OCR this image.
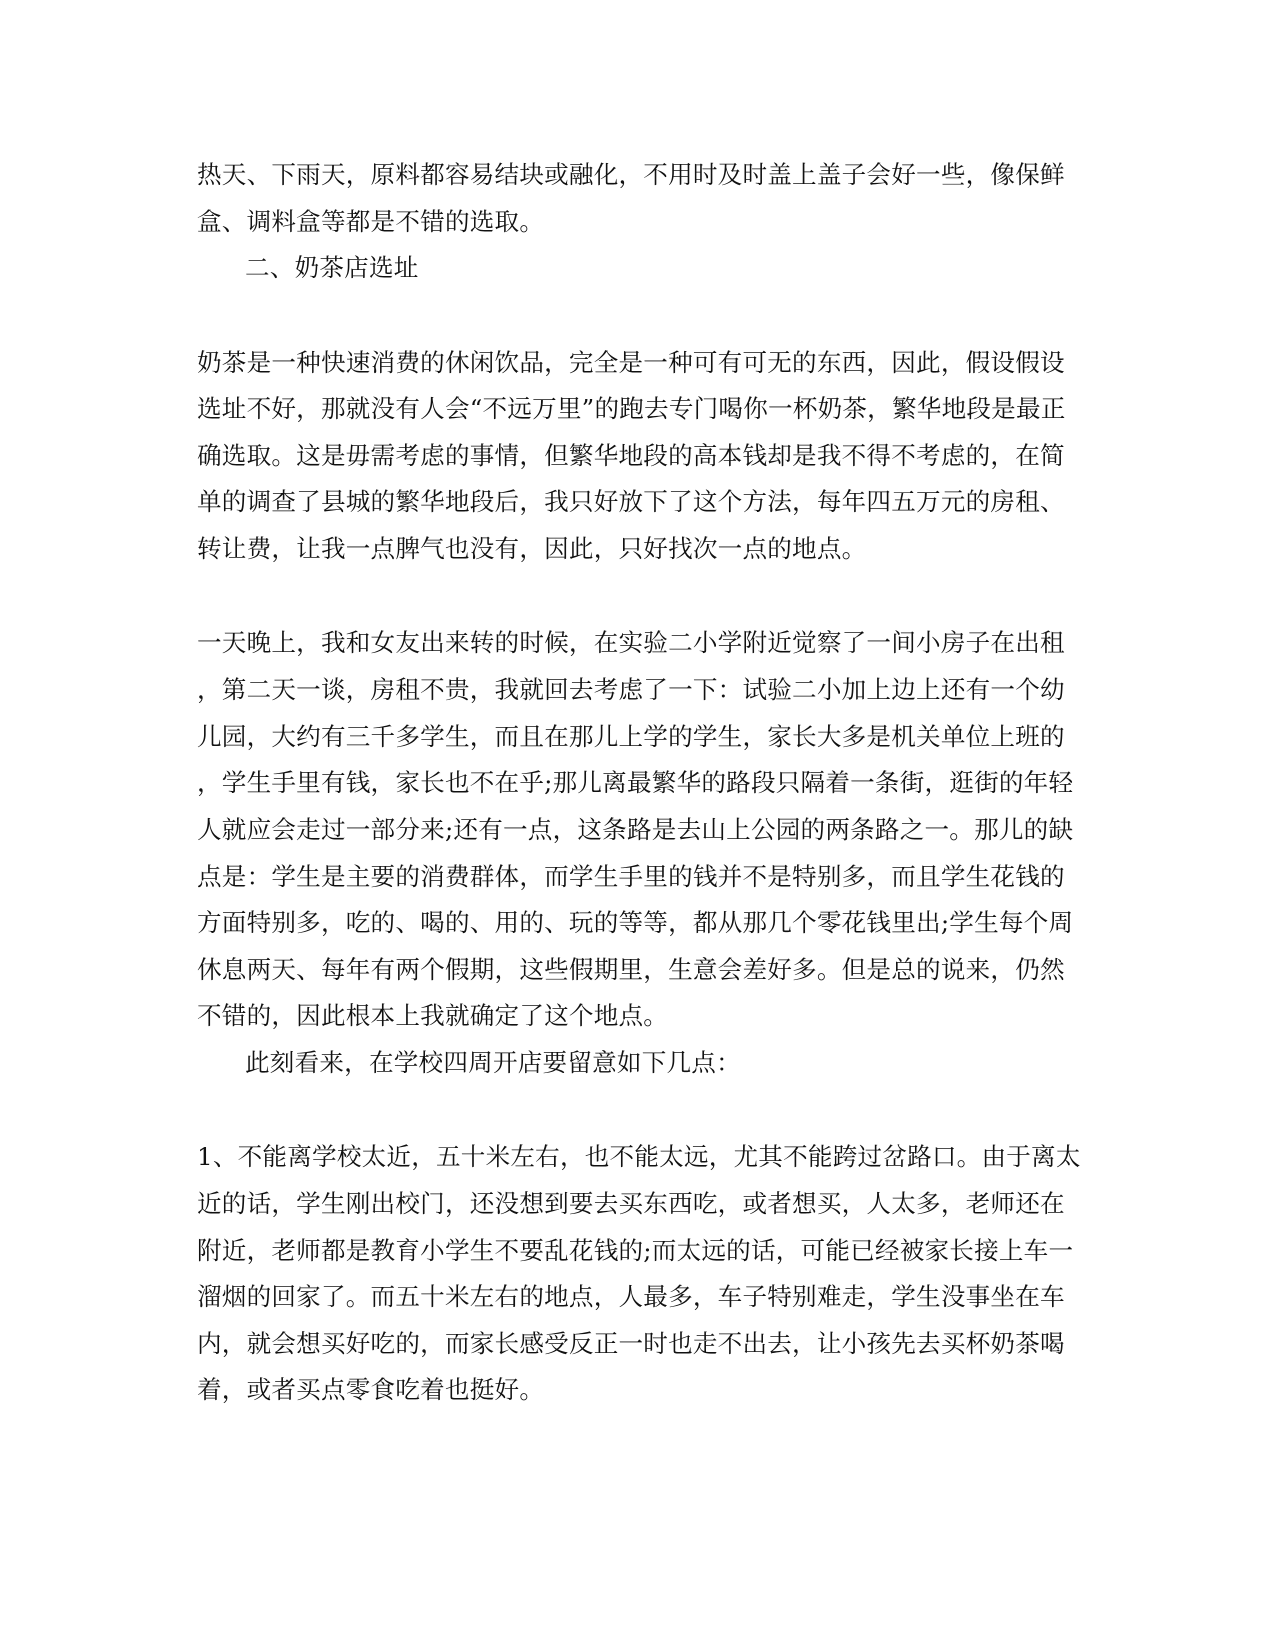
热天、下雨天，原料都容易结块或融化，不用时及时盖上盖子会好一些，像保鲜
盒、调料盒等都是不错的选取。
二、奶茶店选址
奶茶是一种快速消费的休闲饮品，完全是一种可有可无的东西，因此，假设假设
选址不好，那就没有人会“不远万里”的跑去专门喝你一杯奶茶，繁华地段是最正
确选取。这是毋需考虑的事情，但繁华地段的高本钱却是我不得不考虑的，在简
单的调查了县城的繁华地段后，我只好放下了这个方法，每年四五万元的房租、
转让费，让我一点脾气也没有，因此，只好找次一点的地点。
一天晚上，我和女友出来转的时候，在实验二小学附近觉察了一间小房子在出租
，第二天一谈，房租不贵，我就回去考虑了一下：试验二小加上边上还有一个幼
儿园，大约有三千多学生，而且在那儿上学的学生，家长大多是机关单位上班的
，学生手里有钱，家长也不在乎;那儿离最繁华的路段只隔着一条街，逛街的年轻
人就应会走过一部分来;还有一点，这条路是去山上公园的两条路之一。那儿的缺
点是：学生是主要的消费群体，而学生手里的钱并不是特别多，而且学生花钱的
方面特别多，吃的、喝的、用的、玩的等等，都从那几个零花钱里出;学生每个周
休息两天、每年有两个假期，这些假期里，生意会差好多。但是总的说来，仍然
不错的，因此根本上我就确定了这个地点。
此刻看来，在学校四周开店要留意如下几点：
1、不能离学校太近，五十米左右，也不能太远，尤其不能跨过岔路口。由于离太
近的话，学生刚出校门，还没想到要去买东西吃，或者想买，人太多，老师还在
附近，老师都是教育小学生不要乱花钱的;而太远的话，可能已经被家长接上车一
溜烟的回家了。而五十米左右的地点，人最多，车子特别难走，学生没事坐在车
内，就会想买好吃的，而家长感受反正一时也走不出去，让小孩先去买杯奶茶喝
着，或者买点零食吃着也挺好。
